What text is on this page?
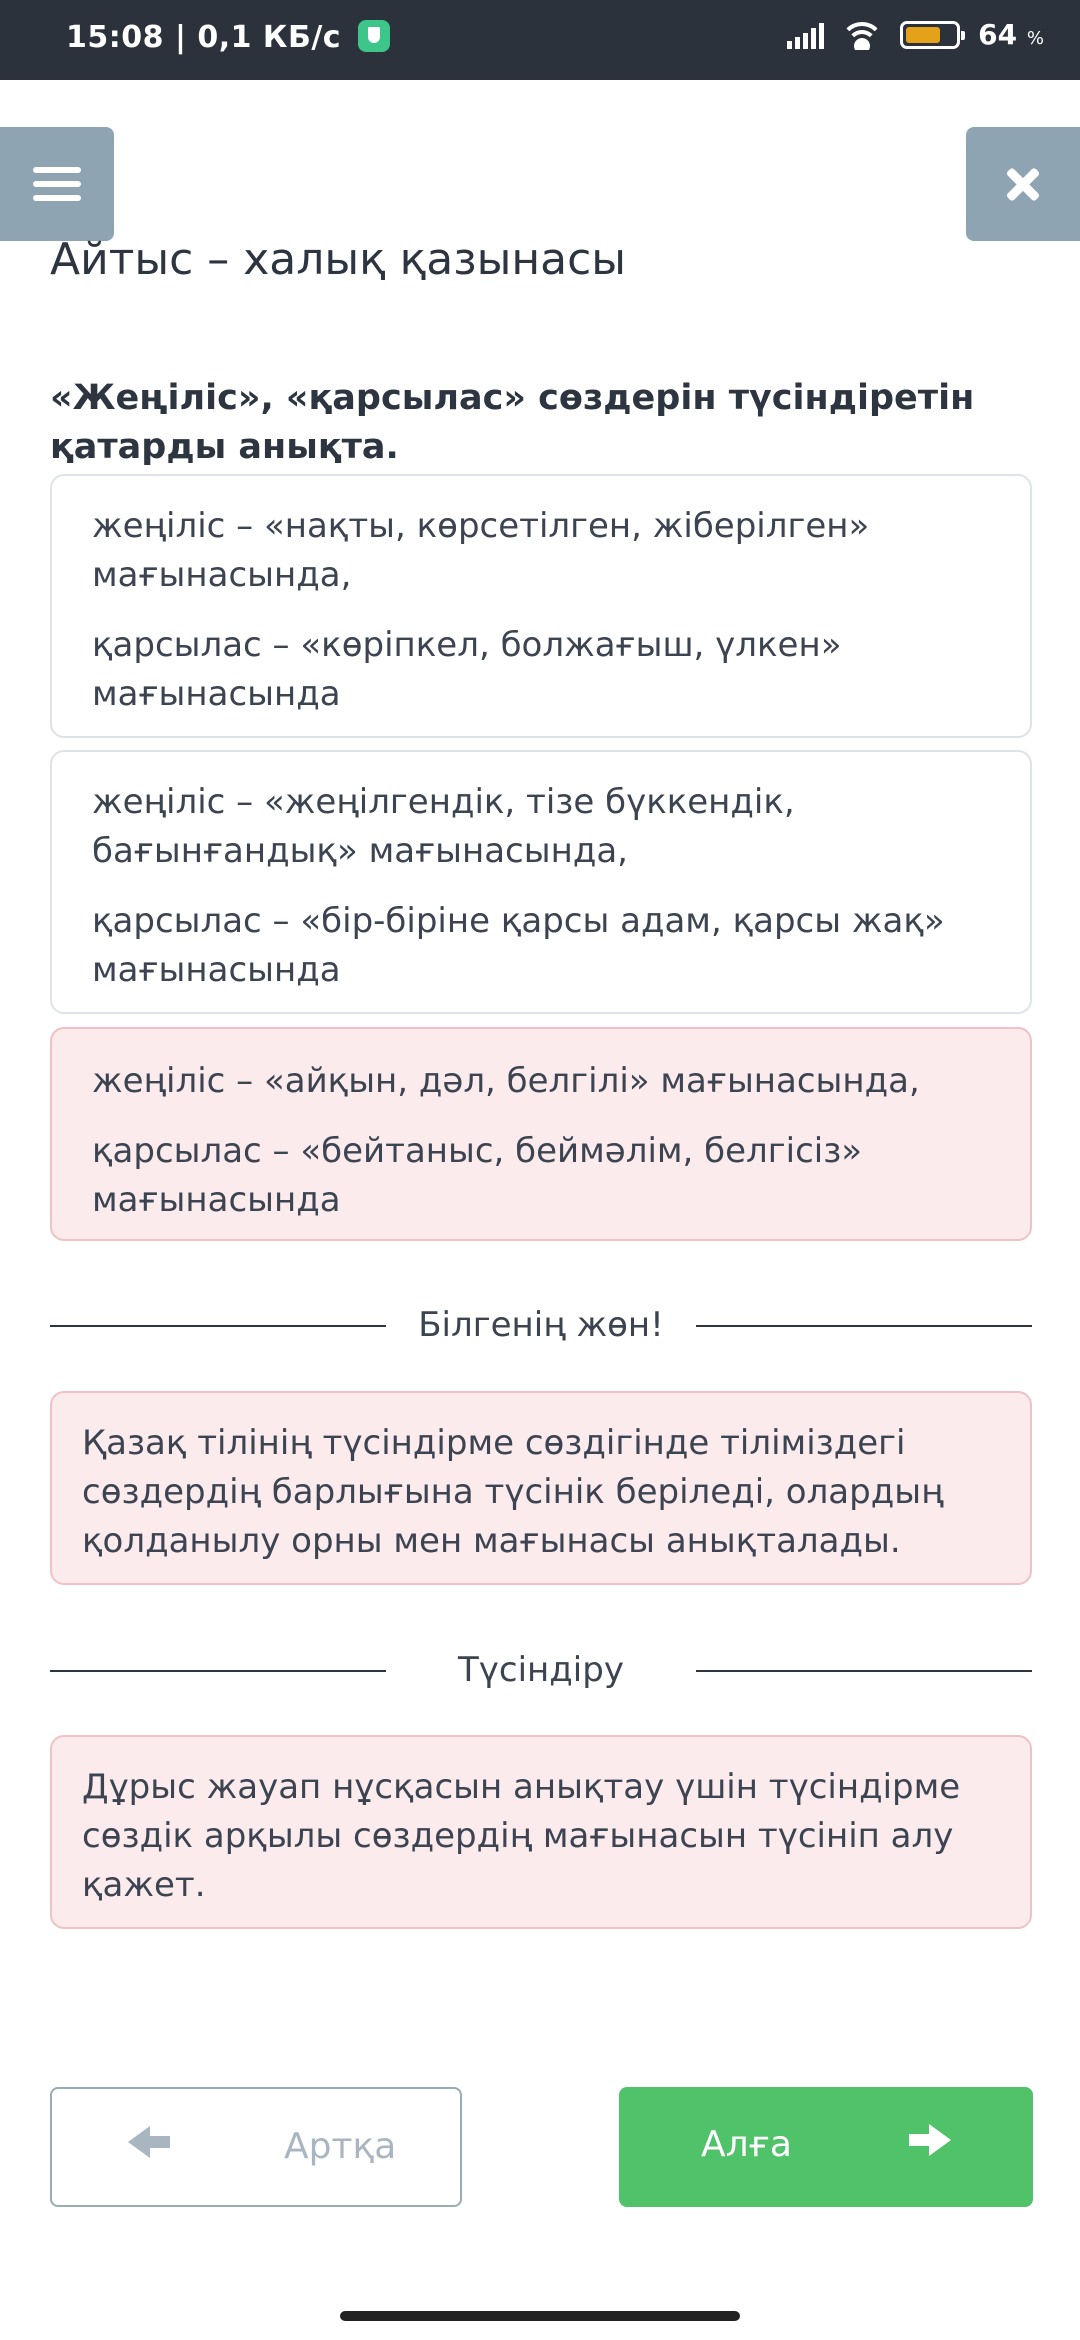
15:08 | 0,1 КБ/с	64 %
Айтыс – халық қазынасы
«Жеңіліс», «қарсылас» сөздерін түсіндіретін қатарды анықта.

жеңіліс – «нақты, көрсетілген, жіберілген» мағынасында,

қарсылас – «көріпкел, болжағыш, үлкен» мағынасында

жеңіліс – «жеңілгендік, тізе бүккендік, бағынғандық» мағынасында,

қарсылас – «бір-біріне қарсы адам, қарсы жақ» мағынасында

жеңіліс – «айқын, дәл, белгілі» мағынасында,

қарсылас – «бейтаныс, беймәлім, белгісіз» мағынасында

Білгенің жөн!
Қазақ тілінің түсіндірме сөздігінде тіліміздегі сөздердің барлығына түсінік беріледі, олардың қолданылу орны мен мағынасы анықталады.
Түсіндіру
Дұрыс жауап нұсқасын анықтау үшін түсіндірме сөздік арқылы сөздердің мағынасын түсініп алу қажет.
Артқа	Алға
